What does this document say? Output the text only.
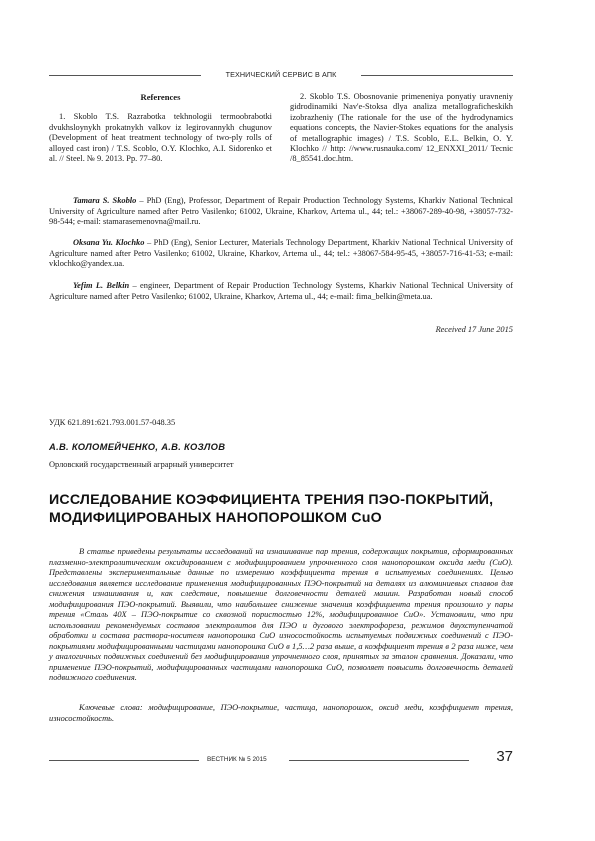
ТЕХНИЧЕСКИЙ СЕРВИС В АПК
References

1. Skoblo T.S. Razrabotka tekhnologii termoobrabotki dvukhsloynykh prokatnykh valkov iz legirovannykh chugunov (Development of heat treatment technology of two-ply rolls of alloyed cast iron) / T.S. Scoblo, O.Y. Klochko, A.I. Sidorenko et al. // Steel. № 9. 2013. Pp. 77–80.

2. Skoblo T.S. Obosnovanie primeneniya ponyatiy uravneniy gidrodinamiki Nav'e-Stoksa dlya analiza metallograficheskikh izobrazheniy (The rationale for the use of the hydrodynamics equations concepts, the Navier-Stokes equations for the analysis of metallographic images) / T.S. Scoblo, E.L. Belkin, O. Y. Klochko // http: //www.rusnauka.com/ 12_ENXXI_2011/ Tecnic /8_85541.doc.htm.

Tamara S. Skoblo – PhD (Eng), Professor, Department of Repair Production Technology Systems, Kharkiv National Technical University of Agriculture named after Petro Vasilenko; 61002, Ukraine, Kharkov, Artema ul., 44; tel.: +38067-289-40-98, +38057-732-98-544; e-mail: stamarasemenovna@mail.ru.

Oksana Yu. Klochko – PhD (Eng), Senior Lecturer, Materials Technology Department, Kharkiv National Technical University of Agriculture named after Petro Vasilenko; 61002, Ukraine, Kharkov, Artema ul., 44; tel.: +38067-584-95-45, +38057-716-41-53; e-mail: vklochko@yandex.ua.

Yefim L. Belkin – engineer, Department of Repair Production Technology Systems, Kharkiv National Technical University of Agriculture named after Petro Vasilenko; 61002, Ukraine, Kharkov, Artema ul., 44; e-mail: fima_belkin@meta.ua.

Received 17 June 2015
УДК 621.891:621.793.001.57-048.35
А.В. КОЛОМЕЙЧЕНКО, А.В. КОЗЛОВ
Орловский государственный аграрный университет
ИССЛЕДОВАНИЕ КОЭФФИЦИЕНТА ТРЕНИЯ ПЭО-ПОКРЫТИЙ,
МОДИФИЦИРОВАНЫХ НАНОПОРОШКОМ CuO

В статье приведены результаты исследований на изнашивание пар трения, содержащих покрытия, сформированных плазменно-электролитическим оксидированием с модифицированием упрочненного слоя нанопорошком оксида меди (CuO). Представлены экспериментальные данные по измерению коэффициента трения в испытуемых соединениях. Целью исследования является исследование применения модифицированных ПЭО-покрытий на деталях из алюминиевых сплавов для снижения изнашивания и, как следствие, повышение долговечности деталей машин. Разработан новый способ модифицирования ПЭО-покрытий. Выявили, что наибольшее снижение значения коэффициента трения произошло у пары трения «Сталь 40Х – ПЭО-покрытие со сквозной пористостью 12%, модифицированное CuO». Установили, что при использовании рекомендуемых составов электролитов для ПЭО и дугового электрофореза, режимов двухступенчатой обработки и состава раствора-носителя нанопорошка CuO износостойкость испытуемых подвижных соединений с ПЭО-покрытиями модифицированными частицами нанопорошка CuO в 1,5…2 раза выше, а коэффициент трения в 2 раза ниже, чем у аналогичных подвижных соединений без модифицирования упрочненного слоя, принятых за эталон сравнения. Доказали, что применение ПЭО-покрытий, модифицированных частицами нанопорошка CuO, позволяет повысить долговечность деталей подвижного соединения.

Ключевые слова: модифицирование, ПЭО-покрытие, частица, нанопорошок, оксид меди, коэффициент трения, износостойкость.

ВЕСТНИК № 5 2015	37
